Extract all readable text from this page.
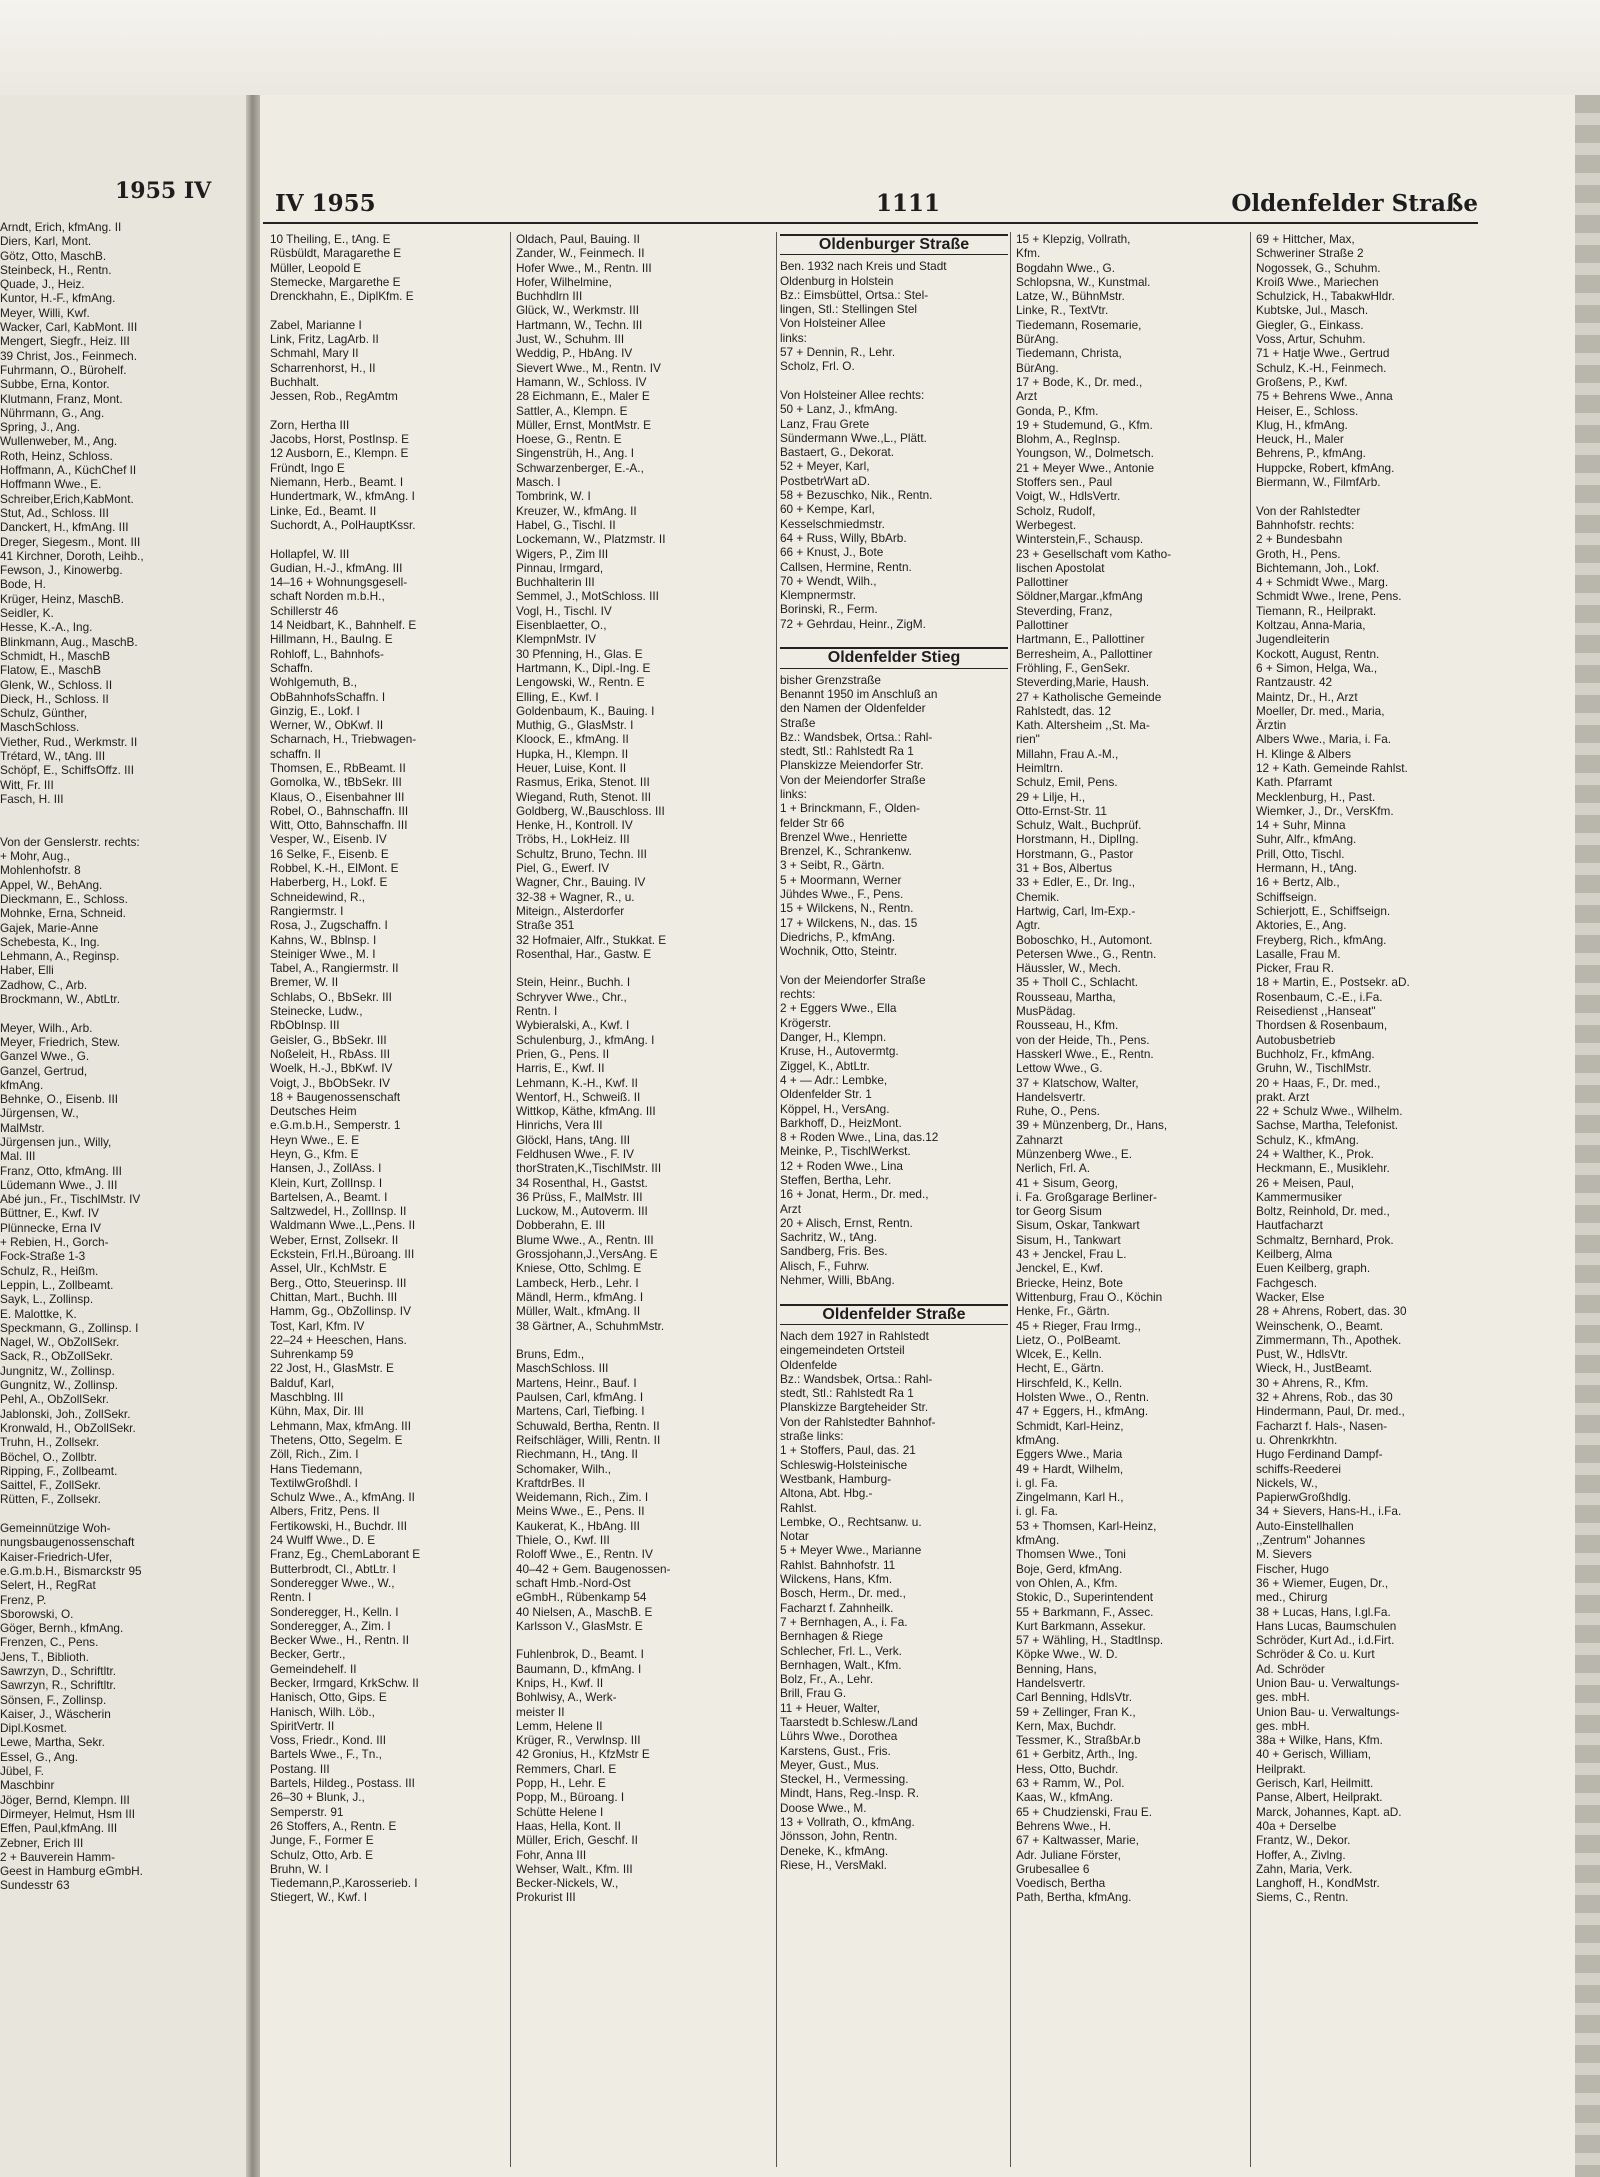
Arndt, Erich, kfmAng. II
Diers, Karl, Mont.
Götz, Otto, MaschB.
Steinbeck, H., Rentn.
Quade, J., Heiz.
Kuntor, H.-F., kfmAng.
Meyer, Willi, Kwf.
Wacker, Carl, KabMont. III
Mengert, Siegfr., Heiz. III
39 Christ, Jos., Feinmech.
Fuhrmann, O., Bürohelf.
Subbe, Erna, Kontor.
Klutmann, Franz, Mont.
Nührmann, G., Ang.
Spring, J., Ang.
Wullenweber, M., Ang.
Roth, Heinz, Schloss.
Hoffmann, A., KüchChef II
Hoffmann Wwe., E.
Schreiber,Erich,KabMont.
Stut, Ad., Schloss. III
Danckert, H., kfmAng. III
Dreger, Siegesm., Mont. III
41 Kirchner, Doroth, Leihb.,
Fewson, J., Kinowerbg.
Bode, H.
Krüger, Heinz, MaschB.
Seidler, K.
Hesse, K.-A., Ing.
Blinkmann, Aug., MaschB.
Schmidt, H., MaschB
Flatow, E., MaschB
Glenk, W., Schloss. II
Dieck, H., Schloss. II
Schulz, Günther,
MaschSchloss.
Viether, Rud., Werkmstr. II
Trétard, W., tAng. III
Schöpf, E., SchiffsOffz. III
Witt, Fr. III
Fasch, H. III

Von der Genslerstr. rechts:
+ Mohr, Aug.,
Mohlenhofstr. 8
Appel, W., BehAng.
Dieckmann, E., Schloss.
Mohnke, Erna, Schneid.
Gajek, Marie-Anne
Schebesta, K., Ing.
Lehmann, A., Reginsp.
Haber, Elli
Zadhow, C., Arb.
Brockmann, W., AbtLtr.

Meyer, Wilh., Arb.
Meyer, Friedrich, Stew.
Ganzel Wwe., G.
Ganzel, Gertrud,
kfmAng.
Behnke, O., Eisenb. III
Jürgensen, W.,
MalMstr.
Jürgensen jun., Willy,
Mal. III
Franz, Otto, kfmAng. III
Lüdemann Wwe., J. III
Abé jun., Fr., TischlMstr. IV
Büttner, E., Kwf. IV
Plünnecke, Erna IV
+ Rebien, H., Gorch-
Fock-Straße 1-3
Schulz, R., Heißm.
Leppin, L., Zollbeamt.
Sayk, L., Zollinsp.
E. Malottke, K.
Speckmann, G., Zollinsp. I
Nagel, W., ObZollSekr.
Sack, R., ObZollSekr.
Jungnitz, W., Zollinsp.
Gungnitz, W., Zollinsp.
Pehl, A., ObZollSekr.
Jablonski, Joh., ZollSekr.
Kronwald, H., ObZollSekr.
Truhn, H., Zollsekr.
Böchel, O., Zollbtr.
Ripping, F., Zollbeamt.
Saittel, F., ZollSekr.
Rütten, F., Zollsekr.

Gemeinnützige Woh-
nungsbaugenossenschaft
Kaiser-Friedrich-Ufer,
e.G.m.b.H., Bismarckstr 95
Selert, H., RegRat
Frenz, P.
Sborowski, O.
Göger, Bernh., kfmAng.
Frenzen, C., Pens.
Jens, T., Biblioth.
Sawrzyn, D., Schriftltr.
Sawrzyn, R., Schriftltr.
Sönsen, F., Zollinsp.
Kaiser, J., Wäscherin
Dipl.Kosmet.
Lewe, Martha, Sekr.
Essel, G., Ang.
Jübel, F.
Maschbinr
Jöger, Bernd, Klempn. III
Dirmeyer, Helmut, Hsm III
Effen, Paul,kfmAng. III
Zebner, Erich III
2 + Bauverein Hamm-
Geest in Hamburg eGmbH.
Sundesstr 63
1955 IV	IV 1955	1111	Oldenfelder Straße
10 Theiling, E., tAng. E
Rüsbüldt, Maragarethe E
Müller, Leopold E
Stemecke, Margarethe E
Drenckhahn, E., DiplKfm. E

Zabel, Marianne I
Link, Fritz, LagArb. II
Schmahl, Mary II
Scharrenhorst, H., II
Buchhalt.
Jessen, Rob., RegAmtm

Zorn, Hertha III
Jacobs, Horst, PostInsp. E
12 Ausborn, E., Klempn. E
Fründt, Ingo E
Niemann, Herb., Beamt. I
Hundertmark, W., kfmAng. I
Linke, Ed., Beamt. II
Suchordt, A., PolHauptKssr.

Hollapfel, W. III
Gudian, H.-J., kfmAng. III
14–16 + Wohnungsgesell-
schaft Norden m.b.H.,
Schillerstr 46
14 Neidbart, K., Bahnhelf. E
Hillmann, H., BauIng. E
Rohloff, L., Bahnhofs-
Schaffn.
Wohlgemuth, B.,
ObBahnhofsSchaffn. I
Ginzig, E., Lokf. I
Werner, W., ObKwf. II
Scharnach, H., Triebwagen-
schaffn. II
Thomsen, E., RbBeamt. II
Gomolka, W., tBbSekr. III
Klaus, O., Eisenbahner III
Robel, O., Bahnschaffn. III
Witt, Otto, Bahnschaffn. III
Vesper, W., Eisenb. IV
16 Selke, F., Eisenb. E
Robbel, K.-H., ElMont. E
Haberberg, H., Lokf. E
Schneidewind, R.,
Rangiermstr. I
Rosa, J., Zugschaffn. I
Kahns, W., Bblnsp. I
Steiniger Wwe., M. I
Tabel, A., Rangiermstr. II
Bremer, W. II
Schlabs, O., BbSekr. III
Steinecke, Ludw.,
RbObInsp. III
Geisler, G., BbSekr. III
Noßeleit, H., RbAss. III
Woelk, H.-J., BbKwf. IV
Voigt, J., BbObSekr. IV
18 + Baugenossenschaft
Deutsches Heim
e.G.m.b.H., Semperstr. 1
Heyn Wwe., E. E
Heyn, G., Kfm. E
Hansen, J., ZollAss. I
Klein, Kurt, ZollInsp. I
Bartelsen, A., Beamt. I
Saltzwedel, H., ZollInsp. II
Waldmann Wwe.,L.,Pens. II
Weber, Ernst, Zollsekr. II
Eckstein, Frl.H.,Büroang. III
Assel, Ulr., KchMstr. E
Berg., Otto, Steuerinsp. III
Chittan, Mart., Buchh. III
Hamm, Gg., ObZollinsp. IV
Tost, Karl, Kfm. IV
22–24 + Heeschen, Hans.
Suhrenkamp 59
22 Jost, H., GlasMstr. E
Balduf, Karl,
Maschblng. III
Kühn, Max, Dir. III
Lehmann, Max, kfmAng. III
Thetens, Otto, Segelm. E
Zöll, Rich., Zim. I
Hans Tiedemann,
TextilwGroßhdl. I
Schulz Wwe., A., kfmAng. II
Albers, Fritz, Pens. II
Fertikowski, H., Buchdr. III
24 Wulff Wwe., D. E
Franz, Eg., ChemLaborant E
Butterbrodt, Cl., AbtLtr. I
Sonderegger Wwe., W.,
Rentn. I
Sonderegger, H., Kelln. I
Sonderegger, A., Zim. I
Becker Wwe., H., Rentn. II
Becker, Gertr.,
Gemeindehelf. II
Becker, Irmgard, KrkSchw. II
Hanisch, Otto, Gips. E
Hanisch, Wilh. Löb.,
SpiritVertr. II
Voss, Friedr., Kond. III
Bartels Wwe., F., Tn.,
Postang. III
Bartels, Hildeg., Postass. III
26–30 + Blunk, J.,
Semperstr. 91
26 Stoffers, A., Rentn. E
Junge, F., Former E
Schulz, Otto, Arb. E
Bruhn, W. I
Tiedemann,P.,Karosserieb. I
Stiegert, W., Kwf. I
Oldach, Paul, Bauing. II
Zander, W., Feinmech. II
Hofer Wwe., M., Rentn. III
Hofer, Wilhelmine,
Buchhdlrn III
Glück, W., Werkmstr. III
Hartmann, W., Techn. III
Just, W., Schuhm. III
Weddig, P., HbAng. IV
Sievert Wwe., M., Rentn. IV
Hamann, W., Schloss. IV
28 Eichmann, E., Maler E
Sattler, A., Klempn. E
Müller, Ernst, MontMstr. E
Hoese, G., Rentn. E
Singenstrüh, H., Ang. I
Schwarzenberger, E.-A.,
Masch. I
Tombrink, W. I
Kreuzer, W., kfmAng. II
Habel, G., Tischl. II
Lockemann, W., Platzmstr. II
Wigers, P., Zim III
Pinnau, Irmgard,
Buchhalterin III
Semmel, J., MotSchloss. III
Vogl, H., Tischl. IV
Eisenblaetter, O.,
KlempnMstr. IV
30 Pfenning, H., Glas. E
Hartmann, K., Dipl.-Ing. E
Lengowski, W., Rentn. E
Elling, E., Kwf. I
Goldenbaum, K., Bauing. I
Muthig, G., GlasMstr. I
Kloock, E., kfmAng. II
Hupka, H., Klempn. II
Heuer, Luise, Kont. II
Rasmus, Erika, Stenot. III
Wiegand, Ruth, Stenot. III
Goldberg, W.,Bauschloss. III
Henke, H., Kontroll. IV
Tröbs, H., LokHeiz. III
Schultz, Bruno, Techn. III
Piel, G., Ewerf. IV
Wagner, Chr., Bauing. IV
32-38 + Wagner, R., u.
Miteign., Alsterdorfer
Straße 351
32 Hofmaier, Alfr., Stukkat. E
Rosenthal, Har., Gastw. E

Stein, Heinr., Buchh. I
Schryver Wwe., Chr.,
Rentn. I
Wybieralski, A., Kwf. I
Schulenburg, J., kfmAng. I
Prien, G., Pens. II
Harris, E., Kwf. II
Lehmann, K.-H., Kwf. II
Wentorf, H., Schweiß. II
Wittkop, Käthe, kfmAng. III
Hinrichs, Vera III
Glöckl, Hans, tAng. III
Feldhusen Wwe., F. IV
thorStraten,K.,TischlMstr. III
34 Rosenthal, H., Gastst.
36 Prüss, F., MalMstr. III
Luckow, M., Autoverm. III
Dobberahn, E. III
Blume Wwe., A., Rentn. III
Grossjohann,J.,VersAng. E
Kniese, Otto, Schlmg. E
Lambeck, Herb., Lehr. I
Mändl, Herm., kfmAng. I
Müller, Walt., kfmAng. II
38 Gärtner, A., SchuhmMstr.

Bruns, Edm.,
MaschSchloss. III
Martens, Heinr., Bauf. I
Paulsen, Carl, kfmAng. I
Martens, Carl, Tiefbing. I
Schuwald, Bertha, Rentn. II
Reifschläger, Willi, Rentn. II
Riechmann, H., tAng. II
Schomaker, Wilh.,
KraftdrBes. II
Weidemann, Rich., Zim. I
Meins Wwe., E., Pens. II
Kaukerat, K., HbAng. III
Thiele, O., Kwf. III
Roloff Wwe., E., Rentn. IV
40–42 + Gem. Baugenossen-
schaft Hmb.-Nord-Ost
eGmbH., Rübenkamp 54
40 Nielsen, A., MaschB. E
Karlsson V., GlasMstr. E

Fuhlenbrok, D., Beamt. I
Baumann, D., kfmAng. I
Knips, H., Kwf. II
Bohlwisy, A., Werk-
meister II
Lemm, Helene II
Krüger, R., VerwInsp. III
42 Gronius, H., KfzMstr E
Remmers, Charl. E
Popp, H., Lehr. E
Popp, M., Büroang. I
Schütte Helene I
Haas, Hella, Kont. II
Müller, Erich, Geschf. II
Fohr, Anna III
Wehser, Walt., Kfm. III
Becker-Nickels, W.,
Prokurist III
Oldenburger Straße
Ben. 1932 nach Kreis und Stadt
Oldenburg in Holstein
Bz.: Eimsbüttel, Ortsa.: Stel-
lingen, Stl.: Stellingen Stel
Von Holsteiner Allee
links:
57 + Dennin, R., Lehr.
Scholz, Frl. O.

Von Holsteiner Allee rechts:
50 + Lanz, J., kfmAng.
Lanz, Frau Grete
Sündermann Wwe.,L., Plätt.
Bastaert, G., Dekorat.
52 + Meyer, Karl,
PostbetrWart aD.
58 + Bezuschko, Nik., Rentn.
60 + Kempe, Karl,
Kesselschmiedmstr.
64 + Russ, Willy, BbArb.
66 + Knust, J., Bote
Callsen, Hermine, Rentn.
70 + Wendt, Wilh.,
Klempnermstr.
Borinski, R., Ferm.
72 + Gehrdau, Heinr., ZigM.

Oldenfelder Stieg
bisher Grenzstraße
Benannt 1950 im Anschluß an
den Namen der Oldenfelder
Straße
Bz.: Wandsbek, Ortsa.: Rahl-
stedt, Stl.: Rahlstedt Ra 1
Planskizze Meiendorfer Str.
Von der Meiendorfer Straße
links:
1 + Brinckmann, F., Olden-
felder Str 66
Brenzel Wwe., Henriette
Brenzel, K., Schrankenw.
3 + Seibt, R., Gärtn.
5 + Moormann, Werner
Jühdes Wwe., F., Pens.
15 + Wilckens, N., Rentn.
17 + Wilckens, N., das. 15
Diedrichs, P., kfmAng.
Wochnik, Otto, Steintr.

Von der Meiendorfer Straße
rechts:
2 + Eggers Wwe., Ella
Krögerstr.
Danger, H., Klempn.
Kruse, H., Autovermtg.
Ziggel, K., AbtLtr.
4 + — Adr.: Lembke,
Oldenfelder Str. 1
Köppel, H., VersAng.
Barkhoff, D., HeizMont.
8 + Roden Wwe., Lina, das.12
Meinke, P., TischlWerkst.
12 + Roden Wwe., Lina
Steffen, Bertha, Lehr.
16 + Jonat, Herm., Dr. med.,
Arzt
20 + Alisch, Ernst, Rentn.
Sachritz, W., tAng.
Sandberg, Fris. Bes.
Alisch, F., Fuhrw.
Nehmer, Willi, BbAng.

Oldenfelder Straße
Nach dem 1927 in Rahlstedt
eingemeindeten Ortsteil
Oldenfelde
Bz.: Wandsbek, Ortsa.: Rahl-
stedt, Stl.: Rahlstedt Ra 1
Planskizze Bargteheider Str.
Von der Rahlstedter Bahnhof-
straße links:
1 + Stoffers, Paul, das. 21
Schleswig-Holsteinische
Westbank, Hamburg-
Altona, Abt. Hbg.-
Rahlst.
Lembke, O., Rechtsanw. u.
Notar
5 + Meyer Wwe., Marianne
Rahlst. Bahnhofstr. 11
Wilckens, Hans, Kfm.
Bosch, Herm., Dr. med.,
Facharzt f. Zahnheilk.
7 + Bernhagen, A., i. Fa.
Bernhagen & Riege
Schlecher, Frl. L., Verk.
Bernhagen, Walt., Kfm.
Bolz, Fr., A., Lehr.
Brill, Frau G.
11 + Heuer, Walter,
Taarstedt b.Schlesw./Land
Lührs Wwe., Dorothea
Karstens, Gust., Fris.
Meyer, Gust., Mus.
Steckel, H., Vermessing.
Mindt, Hans, Reg.-Insp. R.
Doose Wwe., M.
13 + Vollrath, O., kfmAng.
Jönsson, John, Rentn.
Deneke, K., kfmAng.
Riese, H., VersMakl.
15 + Klepzig, Vollrath,
Kfm.
Bogdahn Wwe., G.
Schlopsna, W., Kunstmal.
Latze, W., BühnMstr.
Linke, R., TextVtr.
Tiedemann, Rosemarie,
BürAng.
Tiedemann, Christa,
BürAng.
17 + Bode, K., Dr. med.,
Arzt
Gonda, P., Kfm.
19 + Studemund, G., Kfm.
Blohm, A., RegInsp.
Youngson, W., Dolmetsch.
21 + Meyer Wwe., Antonie
Stoffers sen., Paul
Voigt, W., HdlsVertr.
Scholz, Rudolf,
Werbegest.
Winterstein,F., Schausp.
23 + Gesellschaft vom Katho-
lischen Apostolat
Pallottiner
Söldner,Margar.,kfmAng
Steverding, Franz,
Pallottiner
Hartmann, E., Pallottiner
Berresheim, A., Pallottiner
Fröhling, F., GenSekr.
Steverding,Marie, Haush.
27 + Katholische Gemeinde
Rahlstedt, das. 12
Kath. Altersheim ,,St. Ma-
rien"
Millahn, Frau A.-M.,
Heimltrn.
Schulz, Emil, Pens.
29 + Lilje, H.,
Otto-Ernst-Str. 11
Schulz, Walt., Buchprüf.
Horstmann, H., DiplIng.
Horstmann, G., Pastor
31 + Bos, Albertus
33 + Edler, E., Dr. Ing.,
Chemik.
Hartwig, Carl, Im-Exp.-
Agtr.
Boboschko, H., Automont.
Petersen Wwe., G., Rentn.
Häussler, W., Mech.
35 + Tholl C., Schlacht.
Rousseau, Martha,
MusPädag.
Rousseau, H., Kfm.
von der Heide, Th., Pens.
Hasskerl Wwe., E., Rentn.
Lettow Wwe., G.
37 + Klatschow, Walter,
Handelsvertr.
Ruhe, O., Pens.
39 + Münzenberg, Dr., Hans,
Zahnarzt
Münzenberg Wwe., E.
Nerlich, Frl. A.
41 + Sisum, Georg,
i. Fa. Großgarage Berliner-
tor Georg Sisum
Sisum, Oskar, Tankwart
Sisum, H., Tankwart
43 + Jenckel, Frau L.
Jenckel, E., Kwf.
Briecke, Heinz, Bote
Wittenburg, Frau O., Köchin
Henke, Fr., Gärtn.
45 + Rieger, Frau Irmg.,
Lietz, O., PolBeamt.
Wlcek, E., Kelln.
Hecht, E., Gärtn.
Hirschfeld, K., Kelln.
Holsten Wwe., O., Rentn.
47 + Eggers, H., kfmAng.
Schmidt, Karl-Heinz,
kfmAng.
Eggers Wwe., Maria
49 + Hardt, Wilhelm,
i. gl. Fa.
Zingelmann, Karl H.,
i. gl. Fa.
53 + Thomsen, Karl-Heinz,
kfmAng.
Thomsen Wwe., Toni
Boje, Gerd, kfmAng.
von Ohlen, A., Kfm.
Stokic, D., Superintendent
55 + Barkmann, F., Assec.
Kurt Barkmann, Assekur.
57 + Wähling, H., StadtInsp.
Köpke Wwe., W. D.
Benning, Hans,
Handelsvertr.
Carl Benning, HdlsVtr.
59 + Zellinger, Fran K.,
Kern, Max, Buchdr.
Tessmer, K., StraßbAr.b
61 + Gerbitz, Arth., Ing.
Hess, Otto, Buchdr.
63 + Ramm, W., Pol.
Kaas, W., kfmAng.
65 + Chudzienski, Frau E.
Behrens Wwe., H.
67 + Kaltwasser, Marie,
Adr. Juliane Förster,
Grubesallee 6
Voedisch, Bertha
Path, Bertha, kfmAng.
69 + Hittcher, Max,
Schweriner Straße 2
Nogossek, G., Schuhm.
Kroiß Wwe., Mariechen
Schulzick, H., TabakwHldr.
Kubtske, Jul., Masch.
Giegler, G., Einkass.
Voss, Artur, Schuhm.
71 + Hatje Wwe., Gertrud
Schulz, K.-H., Feinmech.
Großens, P., Kwf.
75 + Behrens Wwe., Anna
Heiser, E., Schloss.
Klug, H., kfmAng.
Heuck, H., Maler
Behrens, P., kfmAng.
Huppcke, Robert, kfmAng.
Biermann, W., FilmfArb.

Von der Rahlstedter
Bahnhofstr. rechts:
2 + Bundesbahn
Groth, H., Pens.
Bichtemann, Joh., Lokf.
4 + Schmidt Wwe., Marg.
Schmidt Wwe., Irene, Pens.
Tiemann, R., Heilprakt.
Koltzau, Anna-Maria,
Jugendleiterin
Kockott, August, Rentn.
6 + Simon, Helga, Wa.,
Rantzaustr. 42
Maintz, Dr., H., Arzt
Moeller, Dr. med., Maria,
Ärztin
Albers Wwe., Maria, i. Fa.
H. Klinge & Albers
12 + Kath. Gemeinde Rahlst.
Kath. Pfarramt
Mecklenburg, H., Past.
Wiemker, J., Dr., VersKfm.
14 + Suhr, Minna
Suhr, Alfr., kfmAng.
Prill, Otto, Tischl.
Hermann, H., tAng.
16 + Bertz, Alb.,
Schiffseign.
Schierjott, E., Schiffseign.
Aktories, E., Ang.
Freyberg, Rich., kfmAng.
Lasalle, Frau M.
Picker, Frau R.
18 + Martin, E., Postsekr. aD.
Rosenbaum, C.-E., i.Fa.
Reisedienst ,,Hanseat"
Thordsen & Rosenbaum,
Autobusbetrieb
Buchholz, Fr., kfmAng.
Gruhn, W., TischlMstr.
20 + Haas, F., Dr. med.,
prakt. Arzt
22 + Schulz Wwe., Wilhelm.
Sachse, Martha, Telefonist.
Schulz, K., kfmAng.
24 + Walther, K., Prok.
Heckmann, E., Musiklehr.
26 + Meisen, Paul,
Kammermusiker
Boltz, Reinhold, Dr. med.,
Hautfacharzt
Schmaltz, Bernhard, Prok.
Keilberg, Alma
Euen Keilberg, graph.
Fachgesch.
Wacker, Else
28 + Ahrens, Robert, das. 30
Weinschenk, O., Beamt.
Zimmermann, Th., Apothek.
Pust, W., HdlsVtr.
Wieck, H., JustBeamt.
30 + Ahrens, R., Kfm.
32 + Ahrens, Rob., das 30
Hindermann, Paul, Dr. med.,
Facharzt f. Hals-, Nasen-
u. Ohrenkrkhtn.
Hugo Ferdinand Dampf-
schiffs-Reederei
Nickels, W.,
PapierwGroßhdlg.
34 + Sievers, Hans-H., i.Fa.
Auto-Einstellhallen
,,Zentrum" Johannes
M. Sievers
Fischer, Hugo
36 + Wiemer, Eugen, Dr.,
med., Chirurg
38 + Lucas, Hans, I.gl.Fa.
Hans Lucas, Baumschulen
Schröder, Kurt Ad., i.d.Firt.
Schröder & Co. u. Kurt
Ad. Schröder
Union Bau- u. Verwaltungs-
ges. mbH.
Union Bau- u. Verwaltungs-
ges. mbH.
38a + Wilke, Hans, Kfm.
40 + Gerisch, William,
Heilprakt.
Gerisch, Karl, Heilmitt.
Panse, Albert, Heilprakt.
Marck, Johannes, Kapt. aD.
40a + Derselbe
Frantz, W., Dekor.
Hoffer, A., Zivlng.
Zahn, Maria, Verk.
Langhoff, H., KondMstr.
Siems, C., Rentn.
